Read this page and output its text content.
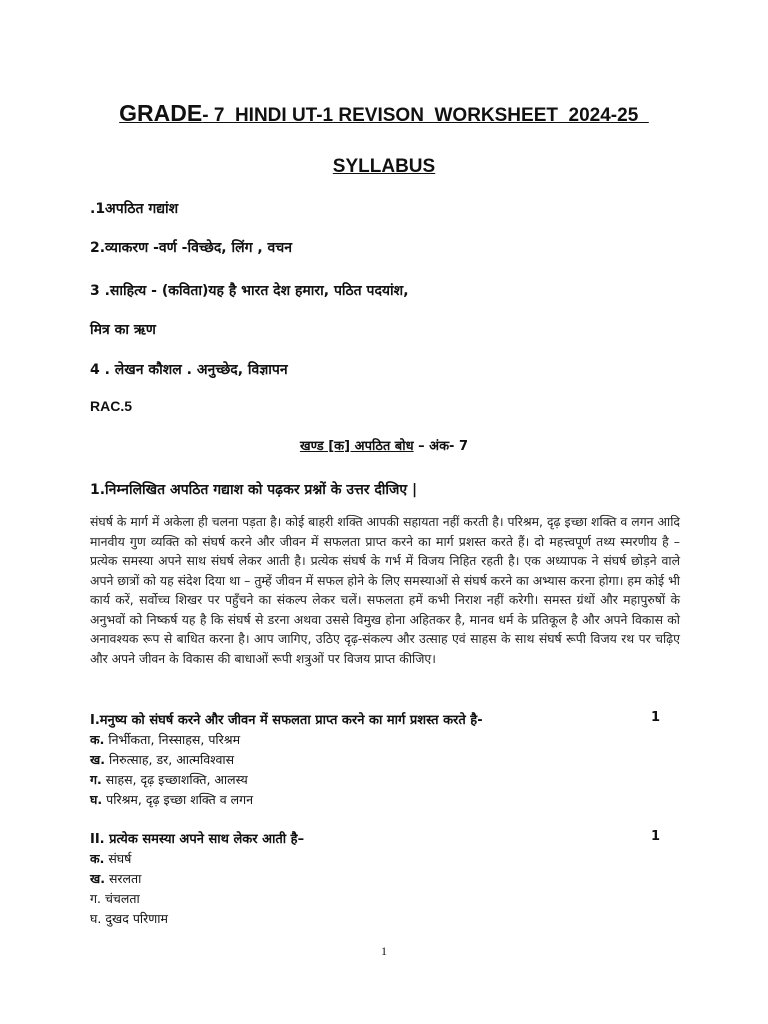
GRADE- 7  HINDI UT-1 REVISON  WORKSHEET  2024-25
SYLLABUS
.1अपठित गद्यांश
2.व्याकरण -वर्ण -विच्छेद, लिंग , वचन
3 .साहित्य - (कविता)यह है भारत देश हमारा, पठित पदयांश,
मित्र का ऋण
4 . लेखन कौशल . अनुच्छेद, विज्ञापन
RAC.5
खण्ड [क] अपठित बोध – अंक- 7
1.निम्नलिखित अपठित गद्याश को पढ़कर प्रश्नों के उत्तर दीजिए |
संघर्ष के मार्ग में अकेला ही चलना पड़ता है। कोई बाहरी शक्ति आपकी सहायता नहीं करती है। परिश्रम, दृढ़ इच्छा शक्ति व लगन आदि मानवीय गुण व्यक्ति को संघर्ष करने और जीवन में सफलता प्राप्त करने का मार्ग प्रशस्त करते हैं। दो महत्त्वपूर्ण तथ्य स्मरणीय है – प्रत्येक समस्या अपने साथ संघर्ष लेकर आती है। प्रत्येक संघर्ष के गर्भ में विजय निहित रहती है। एक अध्यापक ने संघर्ष छोड़ने वाले अपने छात्रों को यह संदेश दिया था – तुम्हें जीवन में सफल होने के लिए समस्याओं से संघर्ष करने का अभ्यास करना होगा। हम कोई भी कार्य करें, सर्वोच्च शिखर पर पहुँचने का संकल्प लेकर चलें। सफलता हमें कभी निराश नहीं करेगी। समस्त ग्रंथों और महापुरुषों के अनुभवों को निष्कर्ष यह है कि संघर्ष से डरना अथवा उससे विमुख होना अहितकर है, मानव धर्म के प्रतिकूल है और अपने विकास को अनावश्यक रूप से बाधित करना है। आप जागिए, उठिए दृढ़-संकल्प और उत्साह एवं साहस के साथ संघर्ष रूपी विजय रथ पर चढ़िए और अपने जीवन के विकास की बाधाओं रूपी शत्रुओं पर विजय प्राप्त कीजिए।
I.मनुष्य को संघर्ष करने और जीवन में सफलता प्राप्त करने का मार्ग प्रशस्त करते है-	1
क. निर्भीकता, निस्साहस, परिश्रम
ख. निरुत्साह, डर, आत्मविश्वास
ग. साहस, दृढ़ इच्छाशक्ति, आलस्य
घ. परिश्रम, दृढ़ इच्छा शक्ति व लगन
II. प्रत्येक समस्या अपने साथ लेकर आती है–	1
क. संघर्ष
ख. सरलता
ग. चंचलता
घ. दुखद परिणाम
1
